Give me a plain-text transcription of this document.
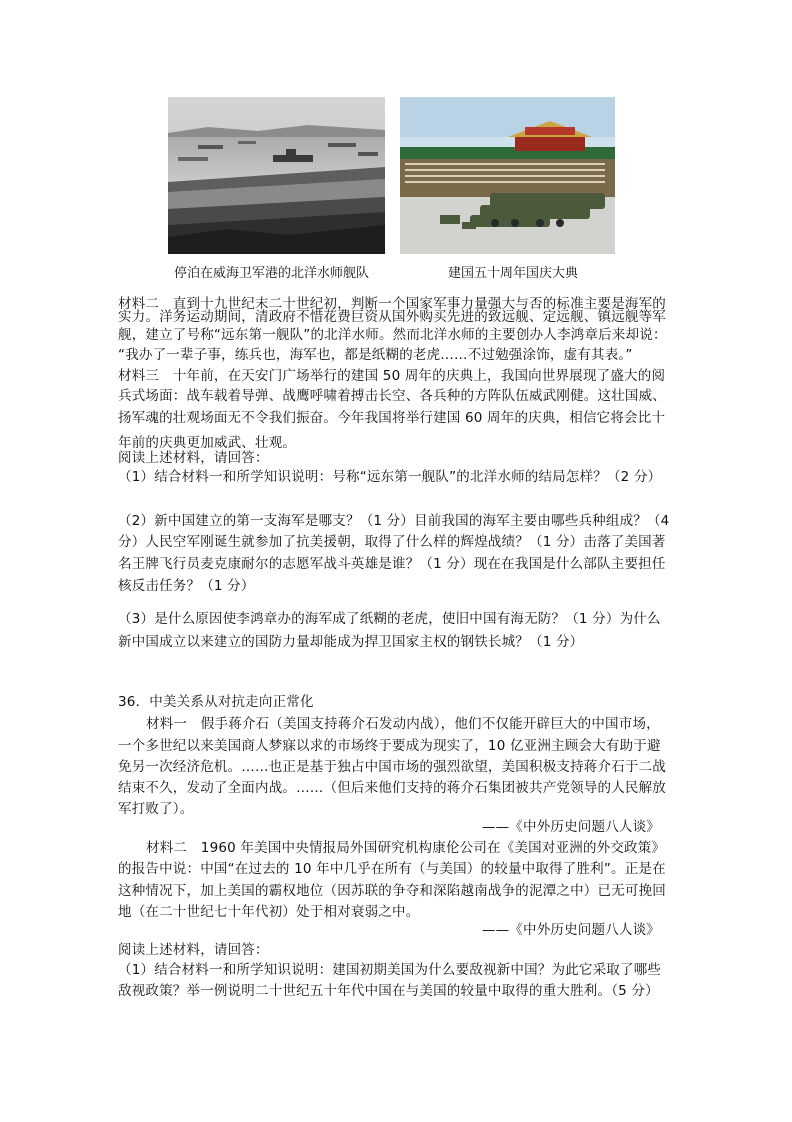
停泊在威海卫军港的北洋水师舰队	建国五十周年国庆大典
材料二　直到十九世纪末二十世纪初，判断一个国家军事力量强大与否的标准主要是海军的
实力。洋务运动期间，清政府不惜花费巨资从国外购买先进的致远舰、定远舰、镇远舰等军
舰，建立了号称“远东第一舰队”的北洋水师。然而北洋水师的主要创办人李鸿章后来却说：
“我办了一辈子事，练兵也，海军也，都是纸糊的老虎……不过勉强涂饰，虚有其表。”
材料三　十年前，在天安门广场举行的建国 50 周年的庆典上，我国向世界展现了盛大的阅
兵式场面：战车载着导弹、战鹰呼啸着搏击长空、各兵种的方阵队伍威武刚健。这壮国威、
扬军魂的壮观场面无不令我们振奋。今年我国将举行建国 60 周年的庆典，相信它将会比十
年前的庆典更加威武、壮观。
阅读上述材料，请回答：
（1）结合材料一和所学知识说明：号称“远东第一舰队”的北洋水师的结局怎样？（2 分）
（2）新中国建立的第一支海军是哪支？（1 分）目前我国的海军主要由哪些兵种组成？（4
分）人民空军刚诞生就参加了抗美援朝，取得了什么样的辉煌战绩？（1 分）击落了美国著
名王牌飞行员麦克康耐尔的志愿军战斗英雄是谁？（1 分）现在在我国是什么部队主要担任
核反击任务？（1 分）
（3）是什么原因使李鸿章办的海军成了纸糊的老虎，使旧中国有海无防？（1 分）为什么
新中国成立以来建立的国防力量却能成为捍卫国家主权的钢铁长城？（1 分）
36．中美关系从对抗走向正常化
材料一　假手蒋介石（美国支持蒋介石发动内战），他们不仅能开辟巨大的中国市场，
一个多世纪以来美国商人梦寐以求的市场终于要成为现实了，10 亿亚洲主顾会大有助于避
免另一次经济危机。……也正是基于独占中国市场的强烈欲望，美国积极支持蒋介石于二战
结束不久，发动了全面内战。……（但后来他们支持的蒋介石集团被共产党领导的人民解放
军打败了）。
——《中外历史问题八人谈》
材料二　1960 年美国中央情报局外国研究机构康伦公司在《美国对亚洲的外交政策》
的报告中说：中国“在过去的 10 年中几乎在所有（与美国）的较量中取得了胜利”。正是在
这种情况下，加上美国的霸权地位（因苏联的争夺和深陷越南战争的泥潭之中）已无可挽回
地（在二十世纪七十年代初）处于相对衰弱之中。
——《中外历史问题八人谈》
阅读上述材料，请回答：
（1）结合材料一和所学知识说明：建国初期美国为什么要敌视新中国？为此它采取了哪些
敌视政策？举一例说明二十世纪五十年代中国在与美国的较量中取得的重大胜利。（5 分）
